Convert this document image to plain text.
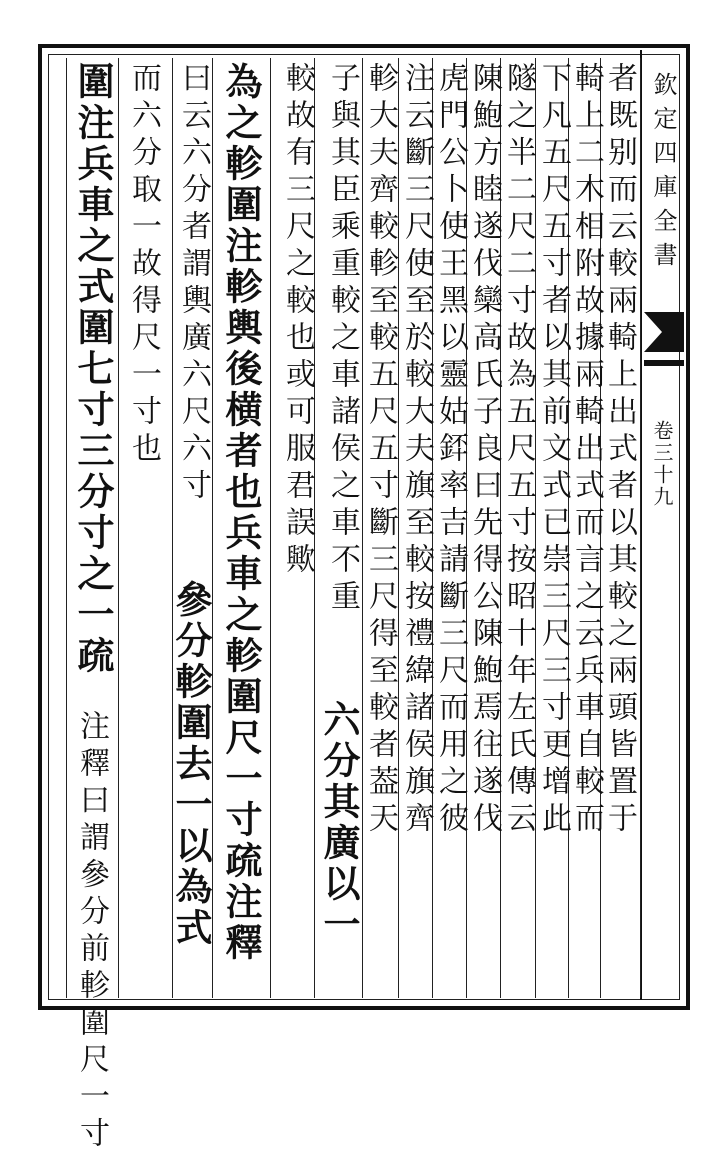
欽定四庫全書
卷三十九
者既别而云較兩輢上出式者以其較之兩頭皆置于
輢上二木相附故據兩輢出式而言之云兵車自較而
下凡五尺五寸者以其前文式已崇三尺三寸更增此
隧之半二尺二寸故為五尺五寸按昭十年左氏傳云
陳鮑方睦遂伐欒高氏子良曰先得公陳鮑焉往遂伐
虎門公卜使王黑以靈姑銔率吉請斷三尺而用之彼
注云斷三尺使至於較大夫旗至較按禮緯諸侯旗齊
軫大夫齊較軫至較五尺五寸斷三尺得至較者葢天
子與其臣乘重較之車諸侯之車不重
六分其廣以一
較故有三尺之較也或可服君誤歟
為之軫圍注軫輿後横者也兵車之軫圍尺一寸疏注釋
曰云六分者謂輿廣六尺六寸
參分軫圍去一以為式
而六分取一故得尺一寸也
圍注兵車之式圍七寸三分寸之一疏
注釋曰謂參分前軫圍尺一寸
